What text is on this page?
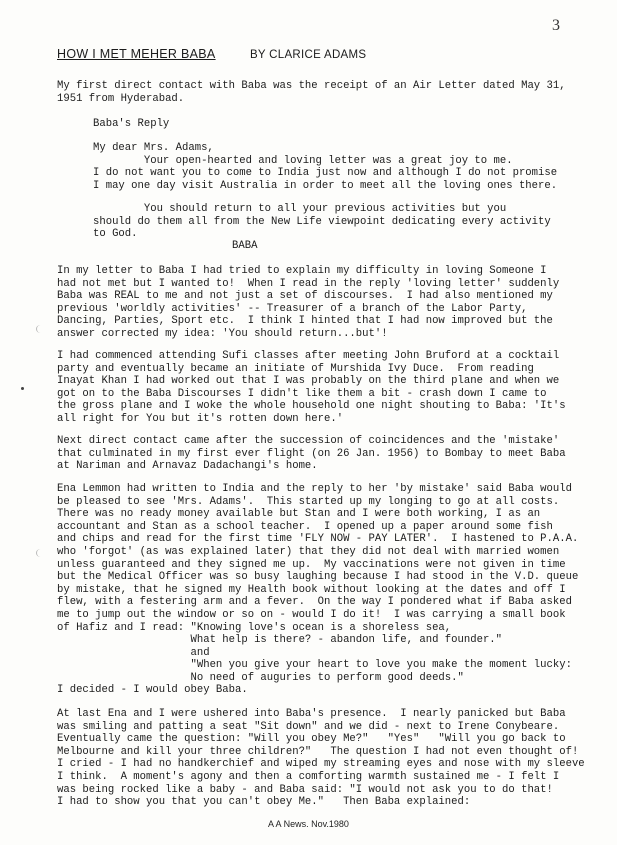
3
HOW I MET MEHER BABA	BY CLARICE ADAMS
My first direct contact with Baba was the receipt of an Air Letter dated May 31,
1951 from Hyderabad.
Baba's Reply
My dear Mrs. Adams,
Your open-hearted and loving letter was a great joy to me.
I do not want you to come to India just now and although I do not promise
I may one day visit Australia in order to meet all the loving ones there.
You should return to all your previous activities but you
should do them all from the New Life viewpoint dedicating every activity
to God.
BABA
In my letter to Baba I had tried to explain my difficulty in loving Someone I
had not met but I wanted to!  When I read in the reply 'loving letter' suddenly
Baba was REAL to me and not just a set of discourses.  I had also mentioned my
previous 'worldly activities' -- Treasurer of a branch of the Labor Party,
Dancing, Parties, Sport etc.  I think I hinted that I had now improved but the
answer corrected my idea: 'You should return...but'!
I had commenced attending Sufi classes after meeting John Bruford at a cocktail
party and eventually became an initiate of Murshida Ivy Duce.  From reading
Inayat Khan I had worked out that I was probably on the third plane and when we
got on to the Baba Discourses I didn't like them a bit - crash down I came to
the gross plane and I woke the whole household one night shouting to Baba: 'It's
all right for You but it's rotten down here.'
Next direct contact came after the succession of coincidences and the 'mistake'
that culminated in my first ever flight (on 26 Jan. 1956) to Bombay to meet Baba
at Nariman and Arnavaz Dadachangi's home.
Ena Lemmon had written to India and the reply to her 'by mistake' said Baba would
be pleased to see 'Mrs. Adams'.  This started up my longing to go at all costs.
There was no ready money available but Stan and I were both working, I as an
accountant and Stan as a school teacher.  I opened up a paper around some fish
and chips and read for the first time 'FLY NOW - PAY LATER'.  I hastened to P.A.A.
who 'forgot' (as was explained later) that they did not deal with married women
unless guaranteed and they signed me up.  My vaccinations were not given in time
but the Medical Officer was so busy laughing because I had stood in the V.D. queue
by mistake, that he signed my Health book without looking at the dates and off I
flew, with a festering arm and a fever.  On the way I pondered what if Baba asked
me to jump out the window or so on - would I do it!  I was carrying a small book
of Hafiz and I read: "Knowing love's ocean is a shoreless sea,
What help is there? - abandon life, and founder."
and
"When you give your heart to love you make the moment lucky:
No need of auguries to perform good deeds."
I decided - I would obey Baba.
At last Ena and I were ushered into Baba's presence.  I nearly panicked but Baba
was smiling and patting a seat "Sit down" and we did - next to Irene Conybeare.
Eventually came the question: "Will you obey Me?"   "Yes"   "Will you go back to
Melbourne and kill your three children?"   The question I had not even thought of!
I cried - I had no handkerchief and wiped my streaming eyes and nose with my sleeve
I think.  A moment's agony and then a comforting warmth sustained me - I felt I
was being rocked like a baby - and Baba said: "I would not ask you to do that!
I had to show you that you can't obey Me."   Then Baba explained:
A A News. Nov.1980
